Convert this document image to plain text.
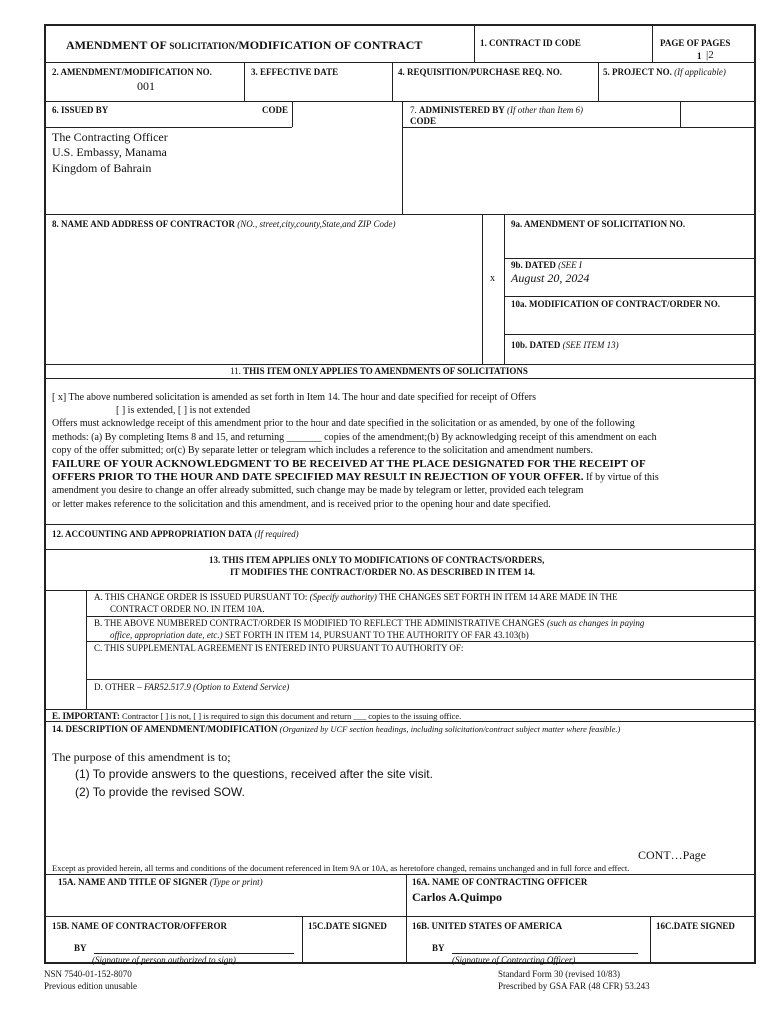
AMENDMENT OF SOLICITATION/MODIFICATION OF CONTRACT	1. CONTRACT ID CODE	PAGE OF PAGES
1 |2
2. AMENDMENT/MODIFICATION NO.
001
3. EFFECTIVE DATE	4. REQUISITION/PURCHASE REQ. NO.	5. PROJECT NO. (If applicable)
6. ISSUED BY	CODE
The Contracting Officer
U.S. Embassy, Manama
Kingdom of Bahrain
7. ADMINISTERED BY (If other than Item 6)
CODE
8. NAME AND ADDRESS OF CONTRACTOR (NO., street,city,county,State,and ZIP Code)
x
9a. AMENDMENT OF SOLICITATION NO.
9b. DATED (SEE I
August 20, 2024
10a. MODIFICATION OF CONTRACT/ORDER NO.
10b. DATED (SEE ITEM 13)
11. THIS ITEM ONLY APPLIES TO AMENDMENTS OF SOLICITATIONS
[ x] The above numbered solicitation is amended as set forth in Item 14. The hour and date specified for receipt of Offers
[ ] is extended, [ ] is not extended
Offers must acknowledge receipt of this amendment prior to the hour and date specified in the solicitation or as amended, by one of the following
methods: (a) By completing Items 8 and 15, and returning _______ copies of the amendment;(b) By acknowledging receipt of this amendment on each
copy of the offer submitted; or(c) By separate letter or telegram which includes a reference to the solicitation and amendment numbers.
FAILURE OF YOUR ACKNOWLEDGMENT TO BE RECEIVED AT THE PLACE DESIGNATED FOR THE RECEIPT OF
OFFERS PRIOR TO THE HOUR AND DATE SPECIFIED MAY RESULT IN REJECTION OF YOUR OFFER. If by virtue of this
amendment you desire to change an offer already submitted, such change may be made by telegram or letter, provided each telegram
or letter makes reference to the solicitation and this amendment, and is received prior to the opening hour and date specified.
12. ACCOUNTING AND APPROPRIATION DATA (If required)
13. THIS ITEM APPLIES ONLY TO MODIFICATIONS OF CONTRACTS/ORDERS,
IT MODIFIES THE CONTRACT/ORDER NO. AS DESCRIBED IN ITEM 14.
A. THIS CHANGE ORDER IS ISSUED PURSUANT TO: (Specify authority) THE CHANGES SET FORTH IN ITEM 14 ARE MADE IN THE
CONTRACT ORDER NO. IN ITEM 10A.
B. THE ABOVE NUMBERED CONTRACT/ORDER IS MODIFIED TO REFLECT THE ADMINISTRATIVE CHANGES (such as changes in paying
office, appropriation date, etc.) SET FORTH IN ITEM 14, PURSUANT TO THE AUTHORITY OF FAR 43.103(b)
C. THIS SUPPLEMENTAL AGREEMENT IS ENTERED INTO PURSUANT TO AUTHORITY OF:
D. OTHER – FAR52.517.9 (Option to Extend Service)
E. IMPORTANT: Contractor [ ] is not, [ ] is required to sign this document and return ___ copies to the issuing office.
14. DESCRIPTION OF AMENDMENT/MODIFICATION (Organized by UCF section headings, including solicitation/contract subject matter where feasible.)
The purpose of this amendment is to;
(1) To provide answers to the questions, received after the site visit.
(2) To provide the revised SOW.
CONT…Page
Except as provided herein, all terms and conditions of the document referenced in Item 9A or 10A, as heretofore changed, remains unchanged and in full force and effect.
15A. NAME AND TITLE OF SIGNER (Type or print)	16A. NAME OF CONTRACTING OFFICER
Carlos A.Quimpo
15B. NAME OF CONTRACTOR/OFFEROR	15C.DATE SIGNED	16B. UNITED STATES OF AMERICA	16C.DATE SIGNED
BY
(Signature of person authorized to sign)
BY
(Signature of Contracting Officer)
NSN 7540-01-152-8070
Previous edition unusable
Standard Form 30 (revised 10/83)
Prescribed by GSA FAR (48 CFR) 53.243
